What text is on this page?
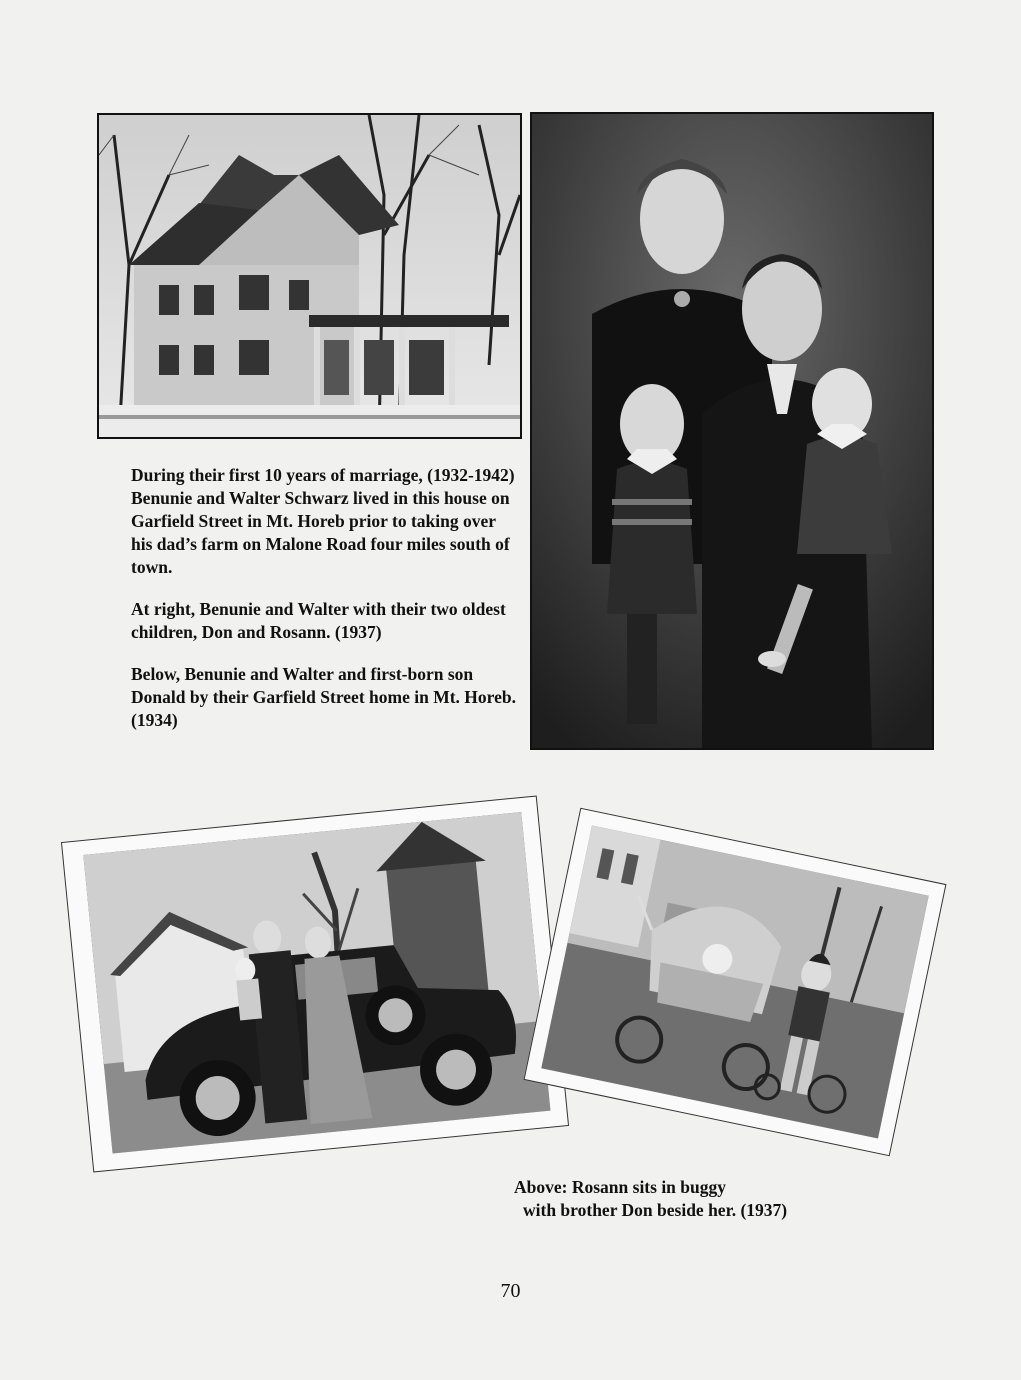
During their first 10 years of marriage, (1932-1942) Benunie and Walter Schwarz lived in this house on Garfield Street in Mt. Horeb prior to taking over his dad’s farm on Malone Road four miles south of town.

At right, Benunie and Walter with their two oldest children, Don and Rosann. (1937)

Below, Benunie and Walter and first-born son Donald by their Garfield Street home in Mt. Horeb. (1934)

Above: Rosann sits in buggy
with brother Don beside her. (1937)
70
